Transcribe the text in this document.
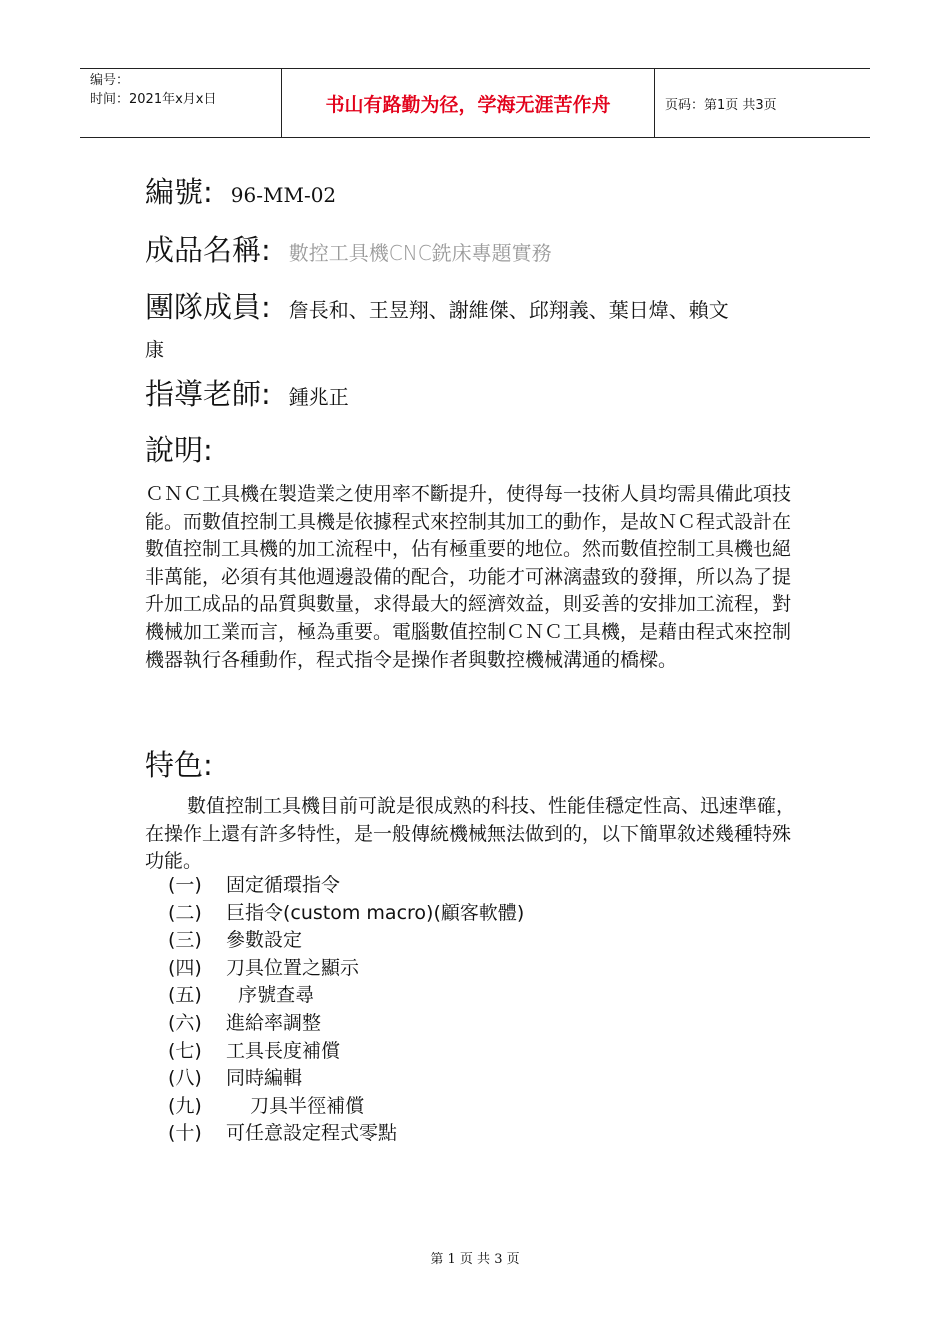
编号：
时间：2021年x月x日	书山有路勤为径，学海无涯苦作舟	页码：第1页 共3页
編號: 96-MM-02
成品名稱: 數控工具機CNC銑床專題實務
團隊成員: 詹長和、王昱翔、謝維傑、邱翔義、葉日煒、賴文
康
指導老師: 鍾兆正
說明:
ＣＮＣ工具機在製造業之使用率不斷提升，使得每一技術人員均需具備此項技能。而數值控制工具機是依據程式來控制其加工的動作，是故ＮＣ程式設計在數值控制工具機的加工流程中，佔有極重要的地位。然而數值控制工具機也絕非萬能，必須有其他週邊設備的配合，功能才可淋漓盡致的發揮，所以為了提升加工成品的品質與數量，求得最大的經濟效益，則妥善的安排加工流程，對機械加工業而言，極為重要。電腦數值控制ＣＮＣ工具機，是藉由程式來控制機器執行各種動作，程式指令是操作者與數控機械溝通的橋樑。
特色:
數值控制工具機目前可說是很成熟的科技、性能佳穩定性高、迅速準確，在操作上還有許多特性，是一般傳統機械無法做到的，以下簡單敘述幾種特殊功能。
(一)	固定循環指令
(二)	巨指令(custom macro)(顧客軟體)
(三)	參數設定
(四)	刀具位置之顯示
(五)	序號查尋
(六)	進給率調整
(七)	工具長度補償
(八)	同時編輯
(九)	刀具半徑補償
(十)	可任意設定程式零點
第 1 页 共 3 页
